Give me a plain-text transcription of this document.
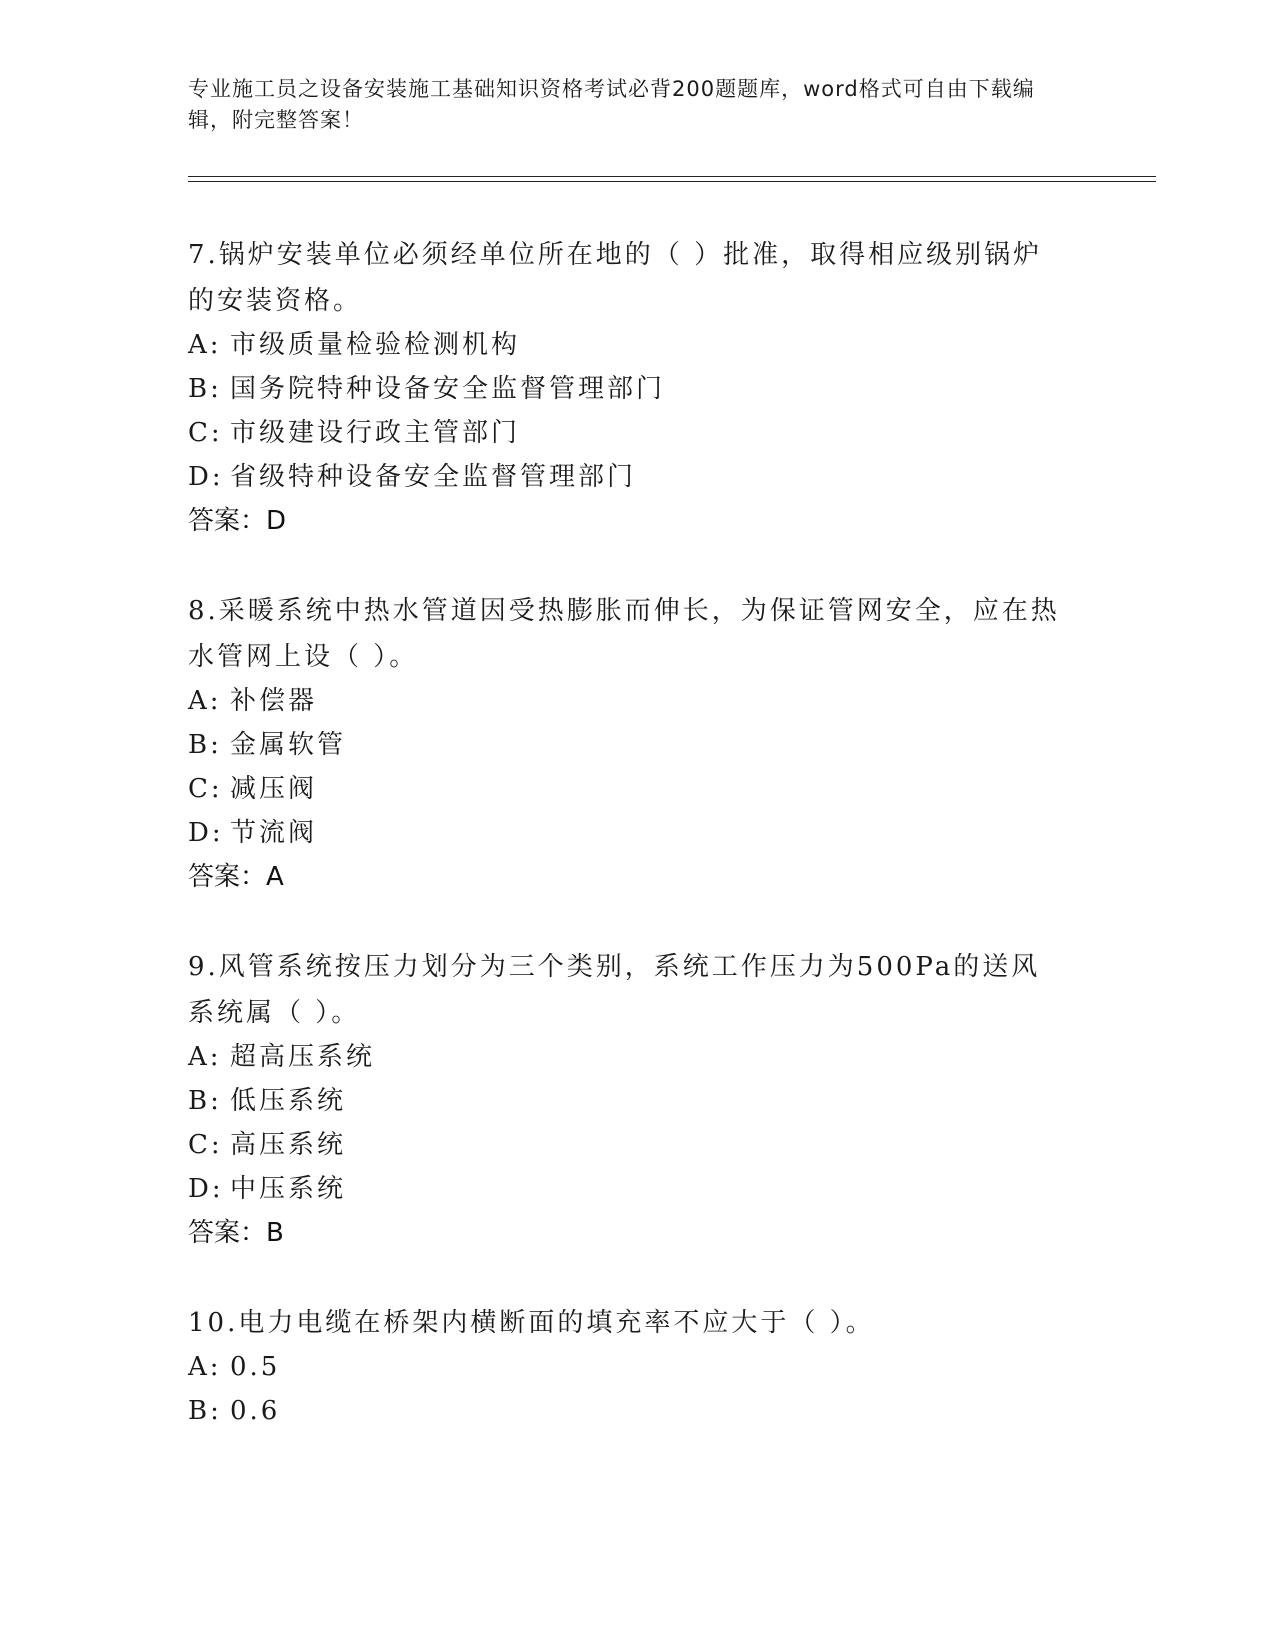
专业施工员之设备安装施工基础知识资格考试必背200题题库，word格式可自由下载编辑，附完整答案！
7.锅炉安装单位必须经单位所在地的（ ）批准，取得相应级别锅炉的安装资格。
A: 市级质量检验检测机构
B: 国务院特种设备安全监督管理部门
C: 市级建设行政主管部门
D: 省级特种设备安全监督管理部门
答案：D
8.采暖系统中热水管道因受热膨胀而伸长，为保证管网安全，应在热水管网上设（ ）。
A: 补偿器
B: 金属软管
C: 减压阀
D: 节流阀
答案：A
9.风管系统按压力划分为三个类别，系统工作压力为500Pa的送风系统属（ ）。
A: 超高压系统
B: 低压系统
C: 高压系统
D: 中压系统
答案：B
10.电力电缆在桥架内横断面的填充率不应大于（ ）。
A: 0.5
B: 0.6
